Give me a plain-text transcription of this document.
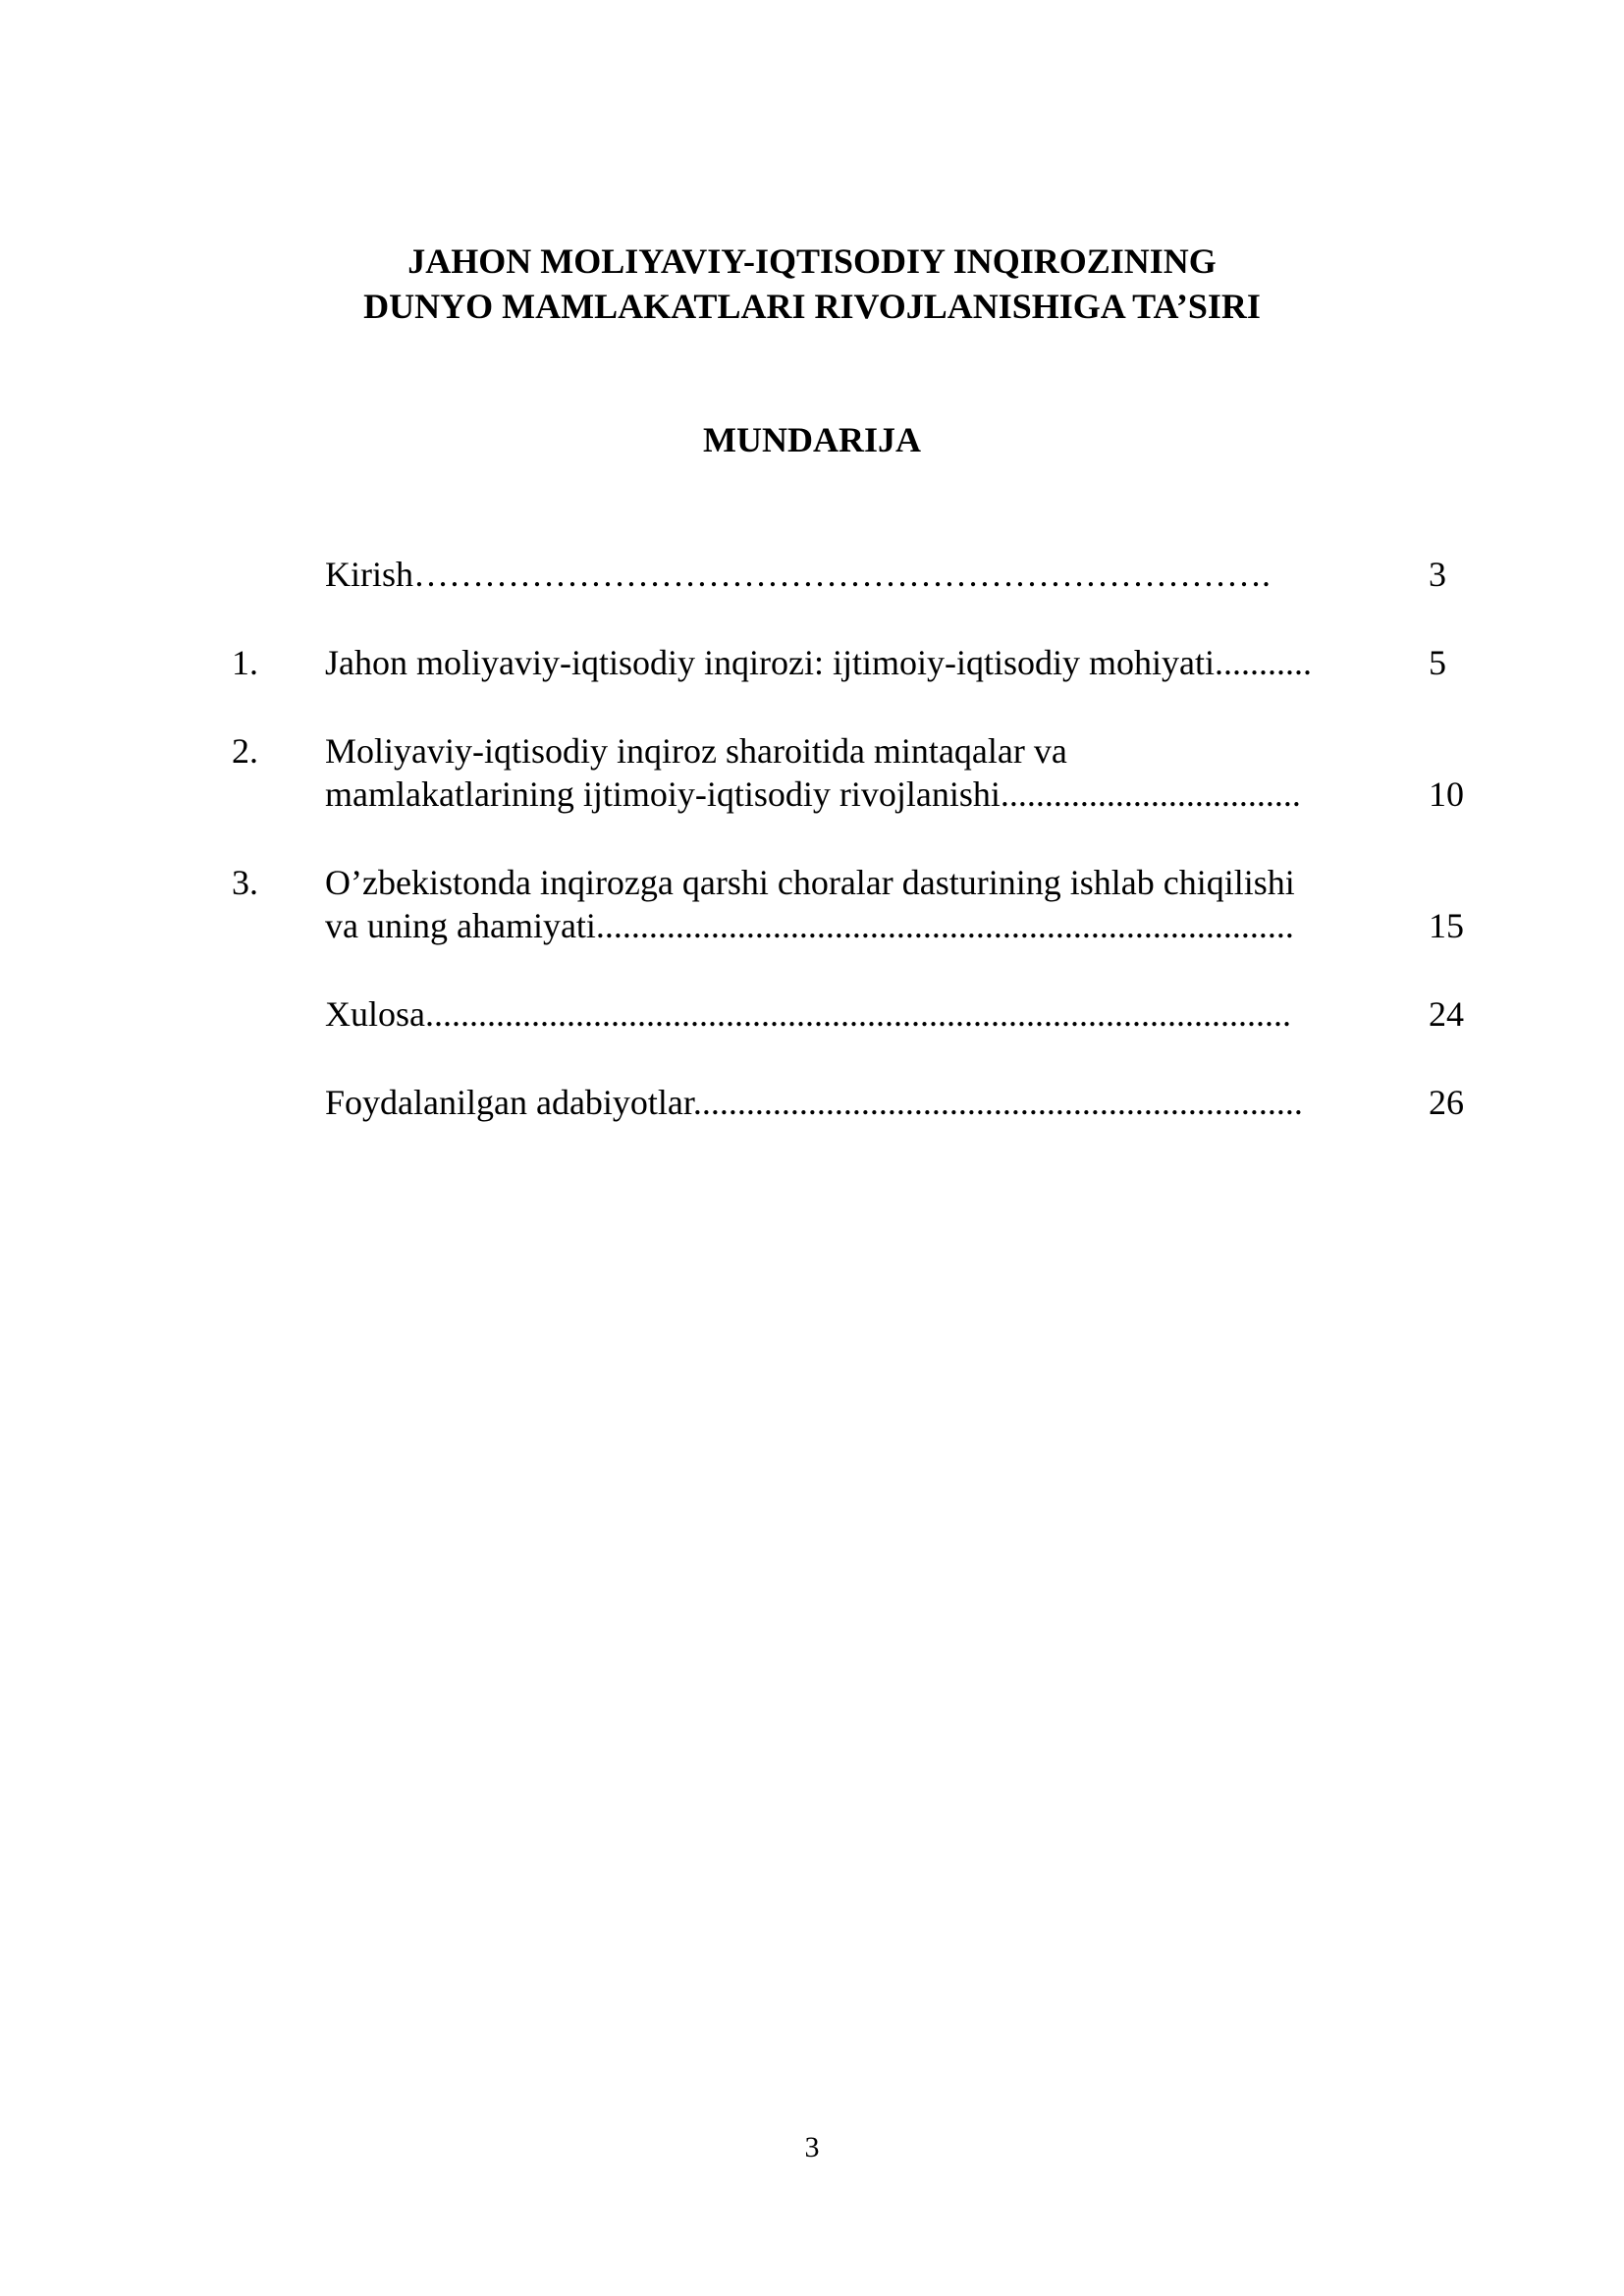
JAHON MOLIYAVIY-IQTISODIY INQIROZINING
DUNYO MAMLAKATLARI RIVOJLANISHIGA TA’SIRI
MUNDARIJA
Kirish……………………………………………………………….	3
1. Jahon moliyaviy-iqtisodiy inqirozi: ijtimoiy-iqtisodiy mohiyati...........	5
2. Moliyaviy-iqtisodiy inqiroz sharoitida mintaqalar va
mamlakatlarining ijtimoiy-iqtisodiy rivojlanishi..................................	10
3. O’zbekistonda inqirozga qarshi choralar dasturining ishlab chiqilishi
va uning ahamiyati...............................................................................	15
Xulosa..................................................................................................	24
Foydalanilgan adabiyotlar.....................................................................	26
3
